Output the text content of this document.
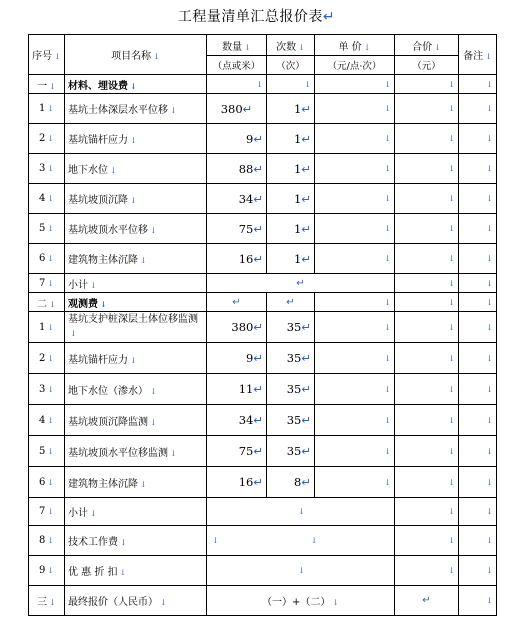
工程量清单汇总报价表↵
序号 ↓	项目名称 ↓	数量 ↓	次数 ↓	单 价 ↓	合价 ↓	备注 ↓
		（点或米）	（次）	（元/点·次）	（元）	
一 ↓	材料、埋设费 ↓	↓	↓	↓	↓	↓
1 ↓	基坑土体深层水平位移 ↓	380↵	1↵	↓	↓	↓
2 ↓	基坑锚杆应力 ↓	9↵	1↵	↓	↓	↓
3 ↓	地下水位 ↓	88↵	1↵	↓	↓	↓
4 ↓	基坑坡顶沉降 ↓	34↵	1↵	↓	↓	↓
5 ↓	基坑坡顶水平位移 ↓	75↵	1↵	↓	↓	↓
6 ↓	建筑物主体沉降 ↓	16↵	1↵	↓	↓	↓
7 ↓	小计 ↓	↵			↓	↓
二 ↓	观测费 ↓	↵	↵	↓	↓	↓
1 ↓	基坑支护桩深层土体位移监测↓	380↵	35↵	↓	↓	↓
2 ↓	基坑锚杆应力 ↓	9↵	35↵	↓	↓	↓
3 ↓	地下水位（渗水） ↓	11↵	35↵	↓	↓	↓
4 ↓	基坑坡顶沉降监测 ↓	34↵	35↵	↓	↓	↓
5 ↓	基坑坡顶水平位移监测 ↓	75↵	35↵	↓	↓	↓
6 ↓	建筑物主体沉降 ↓	16↵	8↵	↓	↓	↓
7 ↓	小计 ↓	↓			↓	↓
8 ↓	技术工作费 ↓	↓ ↓			↓	↓
9 ↓	优 惠 折 扣 ↓	↓			↓	↓
三 ↓	最终报价（人民币） ↓	（一）+（二） ↓			↵	↓
